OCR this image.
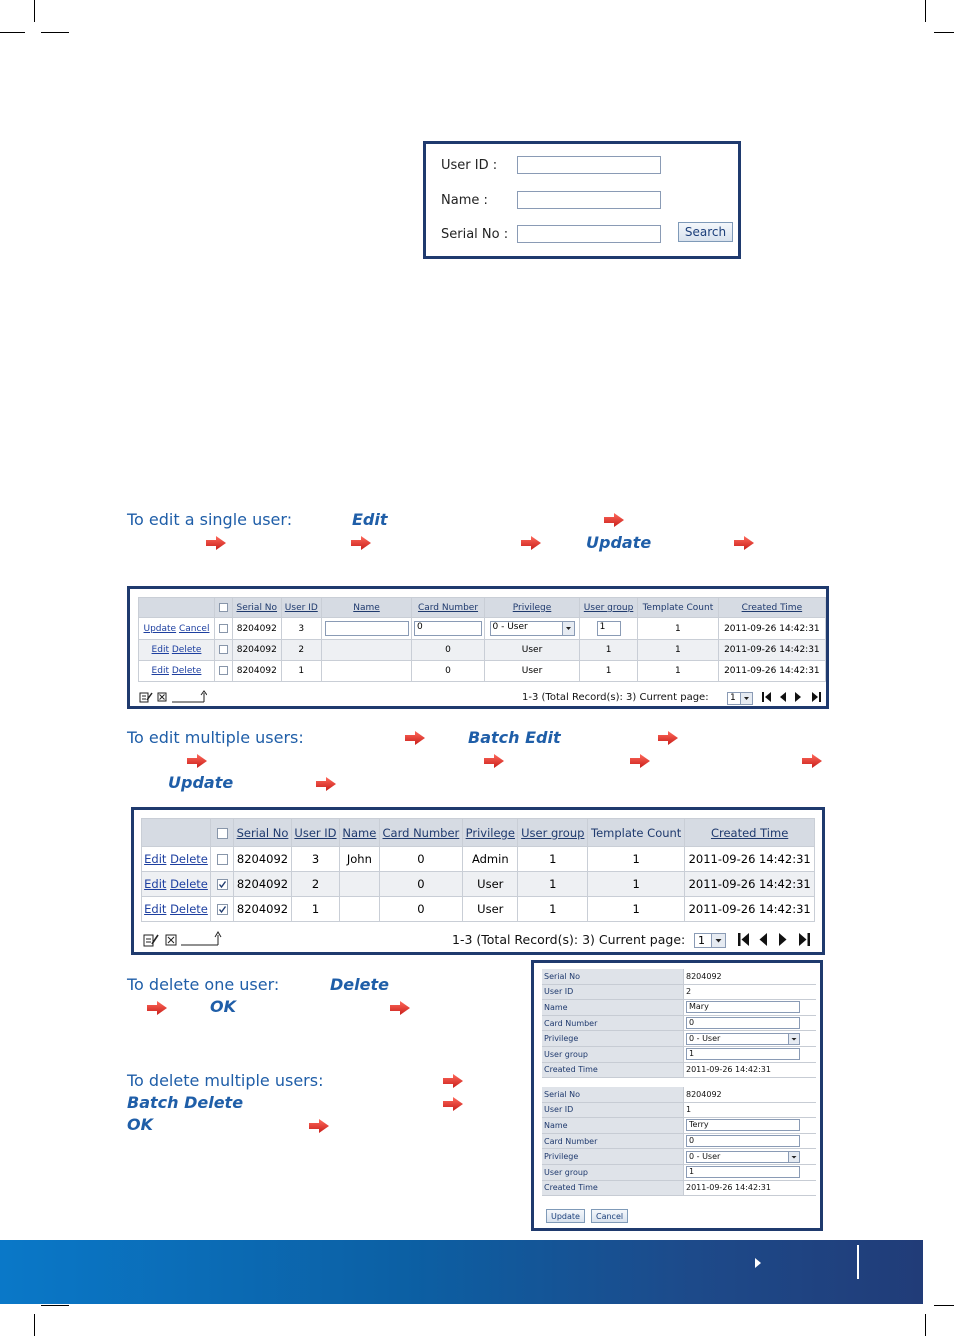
User ID :
Name :
Serial No :	Search
To edit a single user:	Edit
Update
		Serial No	User ID	Name	Card Number	Privilege	User group	Template Count	Created Time
Update Cancel		8204092	3		0	0 - User	1	1	2011-09-26 14:42:31
Edit Delete		8204092	2		0	User	1	1	2011-09-26 14:42:31
Edit Delete		8204092	1		0	User	1	1	2011-09-26 14:42:31
1-3 (Total Record(s): 3) Current page:	1
To edit multiple users:	Batch Edit
Update
		Serial No	User ID	Name	Card Number	Privilege	User group	Template Count	Created Time
Edit Delete		8204092	3	John	0	Admin	1	1	2011-09-26 14:42:31
Edit Delete		8204092	2		0	User	1	1	2011-09-26 14:42:31
Edit Delete		8204092	1		0	User	1	1	2011-09-26 14:42:31
1-3 (Total Record(s): 3) Current page:	1
To delete one user:	Delete
OK
To delete multiple users:
Batch Delete
OK
Serial No	8204092
User ID	2
Name	Mary
Card Number	0
Privilege	0 - User

User group	1
Created Time	2011-09-26 14:42:31
Serial No	8204092
User ID	1
Name	Terry
Card Number	0
Privilege	0 - User

User group	1
Created Time	2011-09-26 14:42:31
Update	Cancel
